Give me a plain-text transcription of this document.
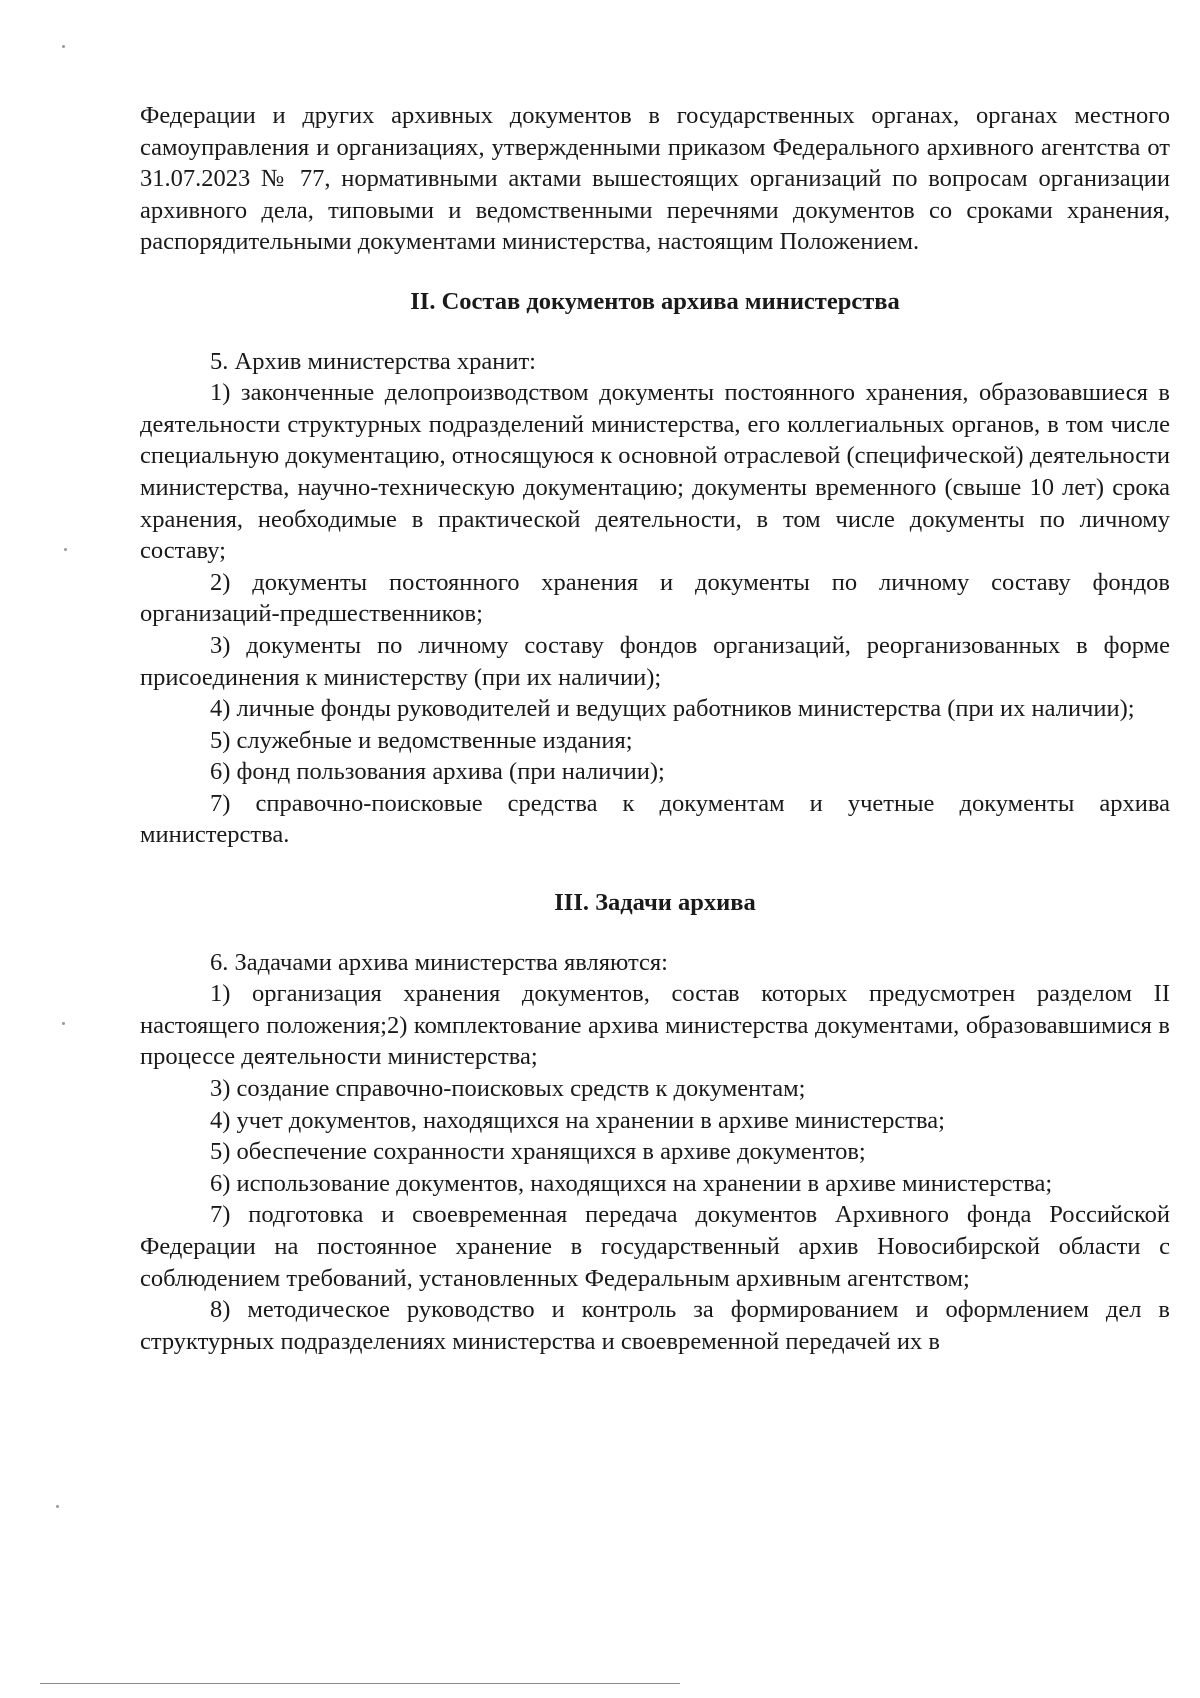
Федерации и других архивных документов в государственных органах, органах местного самоуправления и организациях, утвержденными приказом Федерального архивного агентства от 31.07.2023 № 77, нормативными актами вышестоящих организаций по вопросам организации архивного дела, типовыми и ведомственными перечнями документов со сроками хранения, распорядительными документами министерства, настоящим Положением.

II. Состав документов архива министерства

5. Архив министерства хранит:

1) законченные делопроизводством документы постоянного хранения, образовавшиеся в деятельности структурных подразделений министерства, его коллегиальных органов, в том числе специальную документацию, относящуюся к основной отраслевой (специфической) деятельности министерства, научно-техническую документацию; документы временного (свыше 10 лет) срока хранения, необходимые в практической деятельности, в том числе документы по личному составу;

2) документы постоянного хранения и документы по личному составу фондов организаций-предшественников;

3) документы по личному составу фондов организаций, реорганизованных в форме присоединения к министерству (при их наличии);

4) личные фонды руководителей и ведущих работников министерства (при их наличии);

5) служебные и ведомственные издания;

6) фонд пользования архива (при наличии);

7) справочно-поисковые средства к документам и учетные документы архива министерства.

III. Задачи архива

6. Задачами архива министерства являются:

1) организация хранения документов, состав которых предусмотрен разделом II настоящего положения;2) комплектование архива министерства документами, образовавшимися в процессе деятельности министерства;

3) создание справочно-поисковых средств к документам;

4) учет документов, находящихся на хранении в архиве министерства;

5) обеспечение сохранности хранящихся в архиве документов;

6) использование документов, находящихся на хранении в архиве министерства;

7) подготовка и своевременная передача документов Архивного фонда Российской Федерации на постоянное хранение в государственный архив Новосибирской области с соблюдением требований, установленных Федеральным архивным агентством;

8) методическое руководство и контроль за формированием и оформлением дел в структурных подразделениях министерства и своевременной передачей их в
